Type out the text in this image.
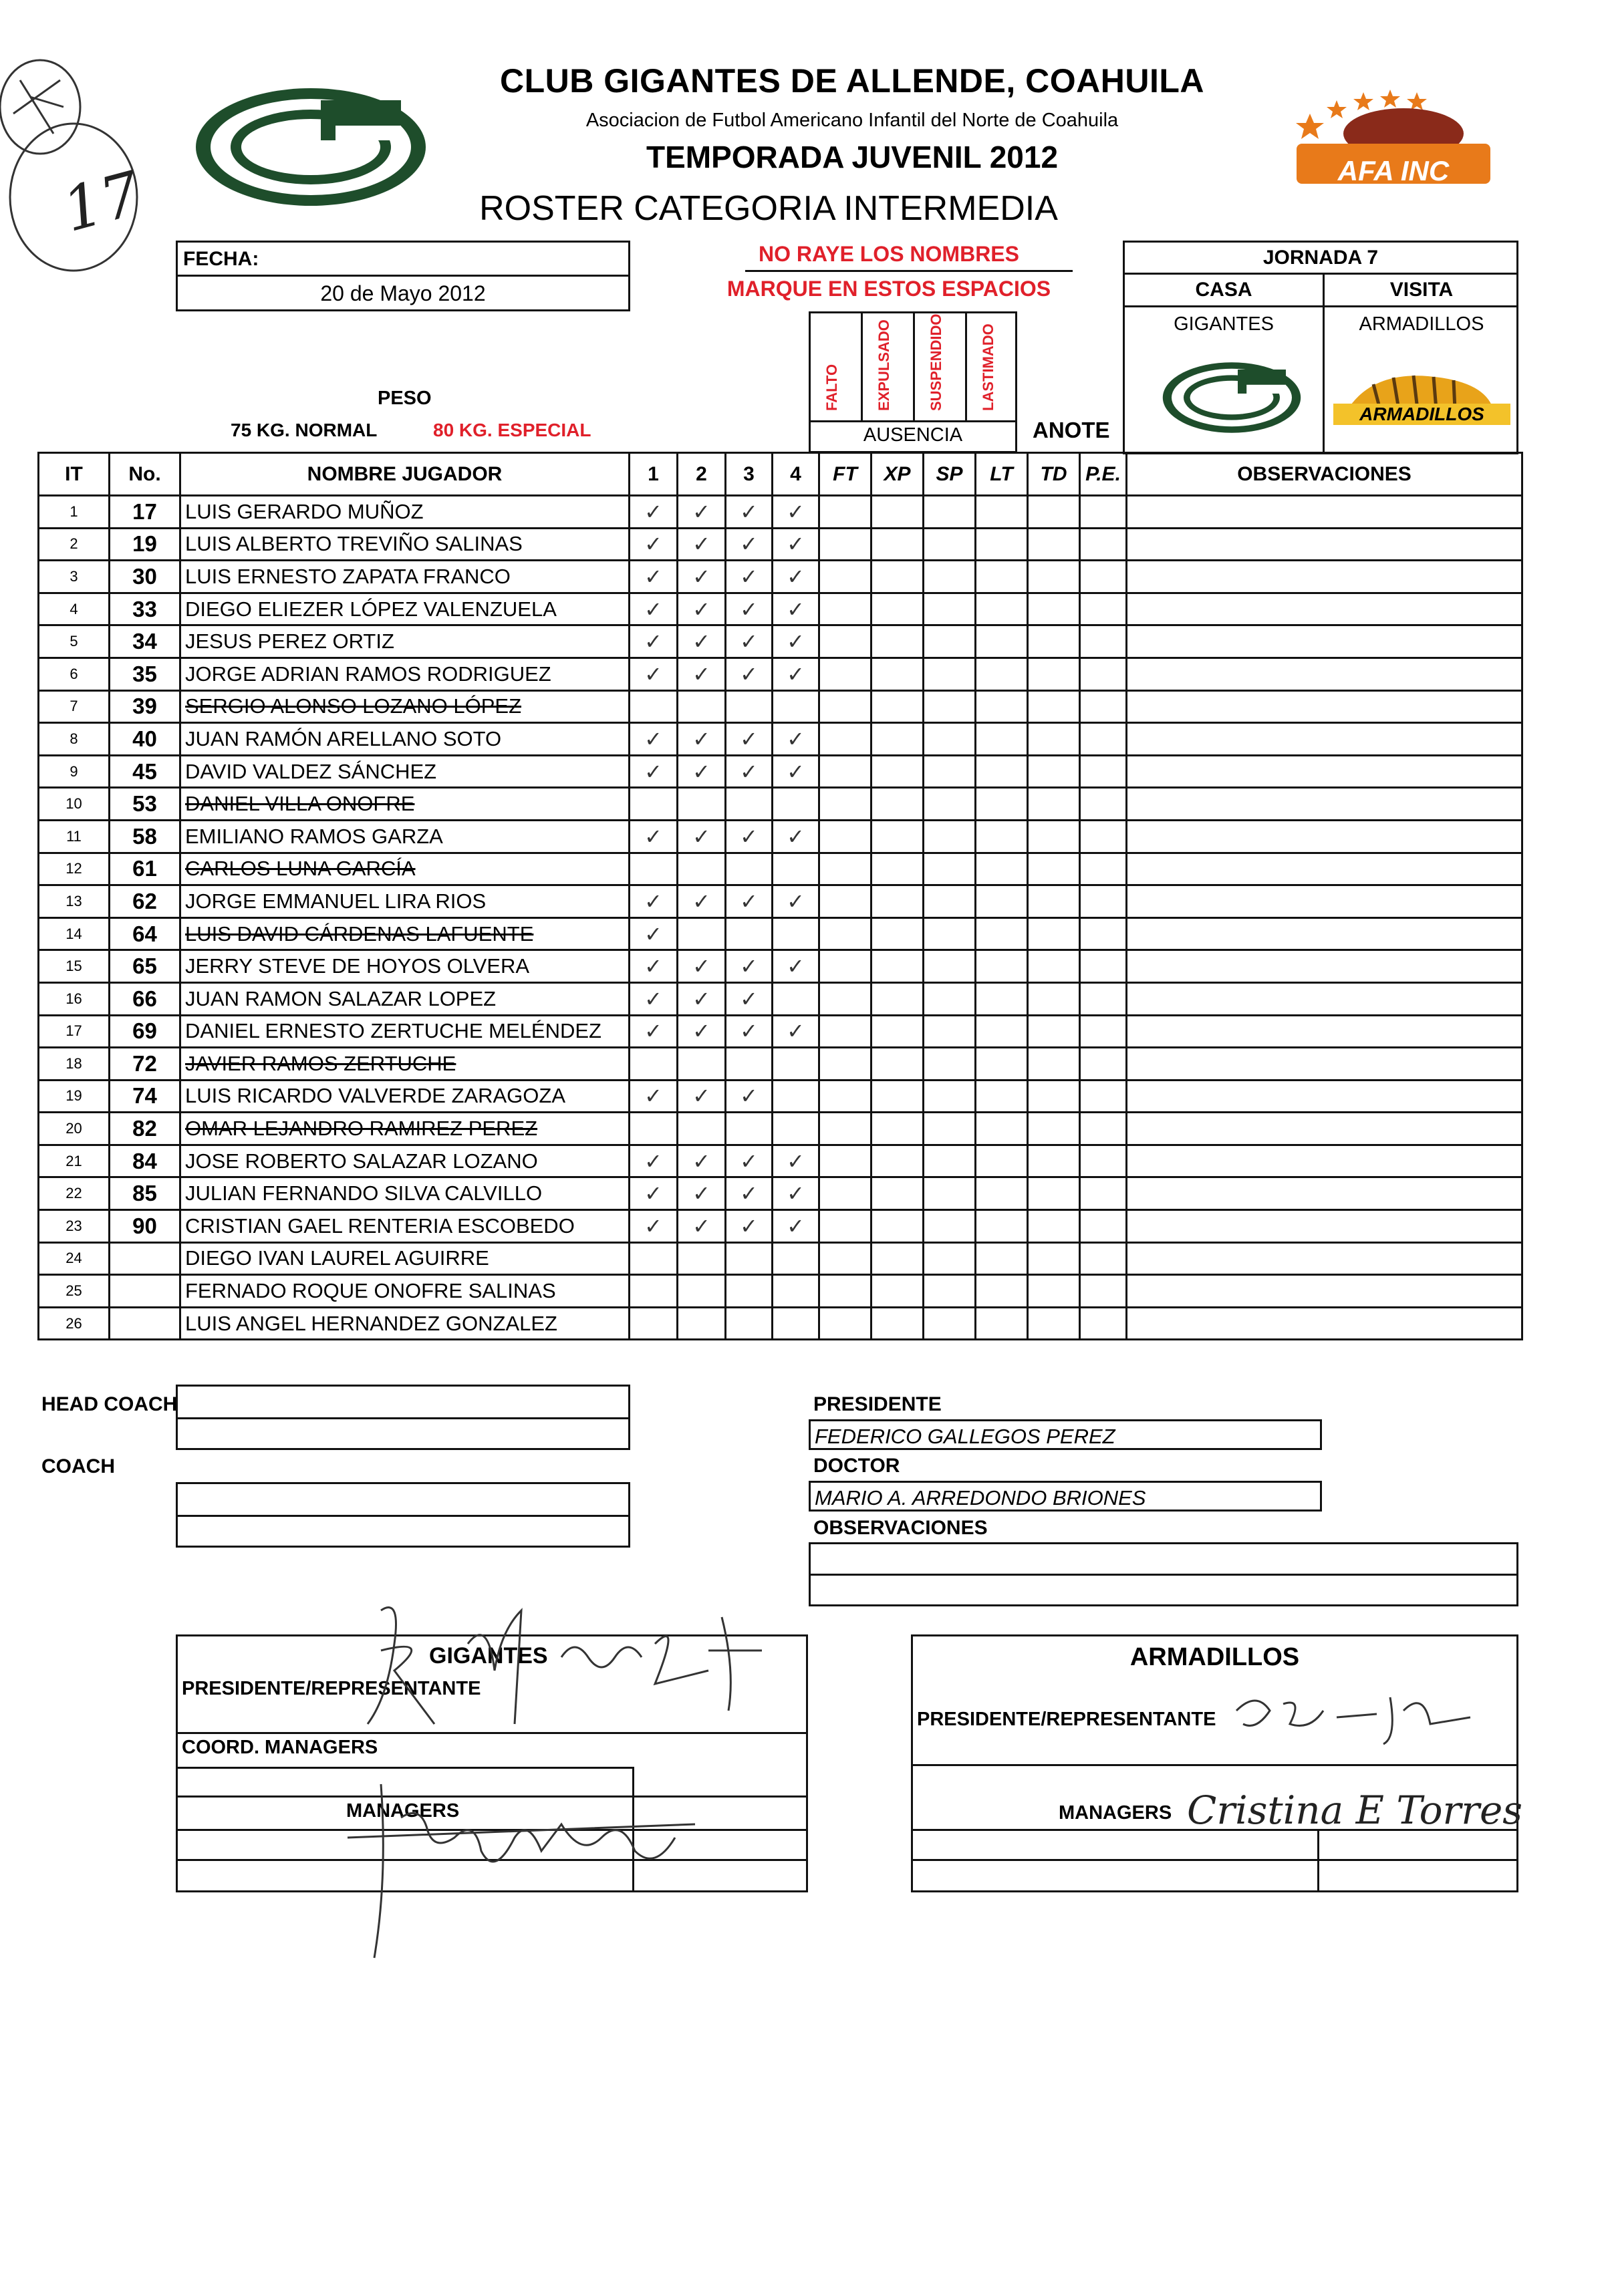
17
CLUB GIGANTES DE ALLENDE, COAHUILA
Asociacion de Futbol Americano Infantil del Norte de Coahuila
TEMPORADA JUVENIL 2012
ROSTER CATEGORIA INTERMEDIA
AFA INC
FECHA:
20 de Mayo 2012
NO RAYE LOS NOMBRES
MARQUE EN ESTOS ESPACIOS
PESO
75 KG. NORMAL	80 KG. ESPECIAL	AUSENCIA
FALTO EXPULSADO SUSPENDIDO LASTIMADO
ANOTE
JORNADA 7
CASA	VISITA
GIGANTES	ARMADILLOS
ARMADILLOS
IT	No.	NOMBRE JUGADOR	1	2	3	4	FT	XP	SP	LT	TD	P.E.	OBSERVACIONES
1	17	LUIS GERARDO MUÑOZ	✓	✓	✓	✓							
2	19	LUIS ALBERTO TREVIÑO SALINAS	✓	✓	✓	✓							
3	30	LUIS ERNESTO ZAPATA FRANCO	✓	✓	✓	✓							
4	33	DIEGO ELIEZER LÓPEZ VALENZUELA	✓	✓	✓	✓							
5	34	JESUS PEREZ ORTIZ	✓	✓	✓	✓							
6	35	JORGE ADRIAN RAMOS RODRIGUEZ	✓	✓	✓	✓							
7	39	SERGIO ALONSO LOZANO LÓPEZ											
8	40	JUAN RAMÓN ARELLANO SOTO	✓	✓	✓	✓							
9	45	DAVID VALDEZ SÁNCHEZ	✓	✓	✓	✓							
10	53	DANIEL VILLA ONOFRE											
11	58	EMILIANO RAMOS GARZA	✓	✓	✓	✓							
12	61	CARLOS LUNA GARCÍA											
13	62	JORGE EMMANUEL LIRA RIOS	✓	✓	✓	✓							
14	64	LUIS DAVID CÁRDENAS LAFUENTE	✓										
15	65	JERRY STEVE DE HOYOS OLVERA	✓	✓	✓	✓							
16	66	JUAN RAMON SALAZAR LOPEZ	✓	✓	✓								
17	69	DANIEL ERNESTO ZERTUCHE MELÉNDEZ	✓	✓	✓	✓							
18	72	JAVIER RAMOS ZERTUCHE											
19	74	LUIS RICARDO VALVERDE ZARAGOZA	✓	✓	✓								
20	82	OMAR LEJANDRO RAMIREZ PEREZ											
21	84	JOSE ROBERTO SALAZAR LOZANO	✓	✓	✓	✓							
22	85	JULIAN FERNANDO SILVA CALVILLO	✓	✓	✓	✓							
23	90	CRISTIAN GAEL RENTERIA ESCOBEDO	✓	✓	✓	✓							
24		DIEGO IVAN LAUREL AGUIRRE											
25		FERNADO ROQUE ONOFRE SALINAS											
26		LUIS ANGEL HERNANDEZ GONZALEZ											
HEAD COACH
COACH
PRESIDENTE
FEDERICO GALLEGOS PEREZ
DOCTOR
MARIO A. ARREDONDO BRIONES
OBSERVACIONES
GIGANTES
PRESIDENTE/REPRESENTANTE
COORD. MANAGERS
MANAGERS
ARMADILLOS
PRESIDENTE/REPRESENTANTE
MANAGERS Cristina E Torres
